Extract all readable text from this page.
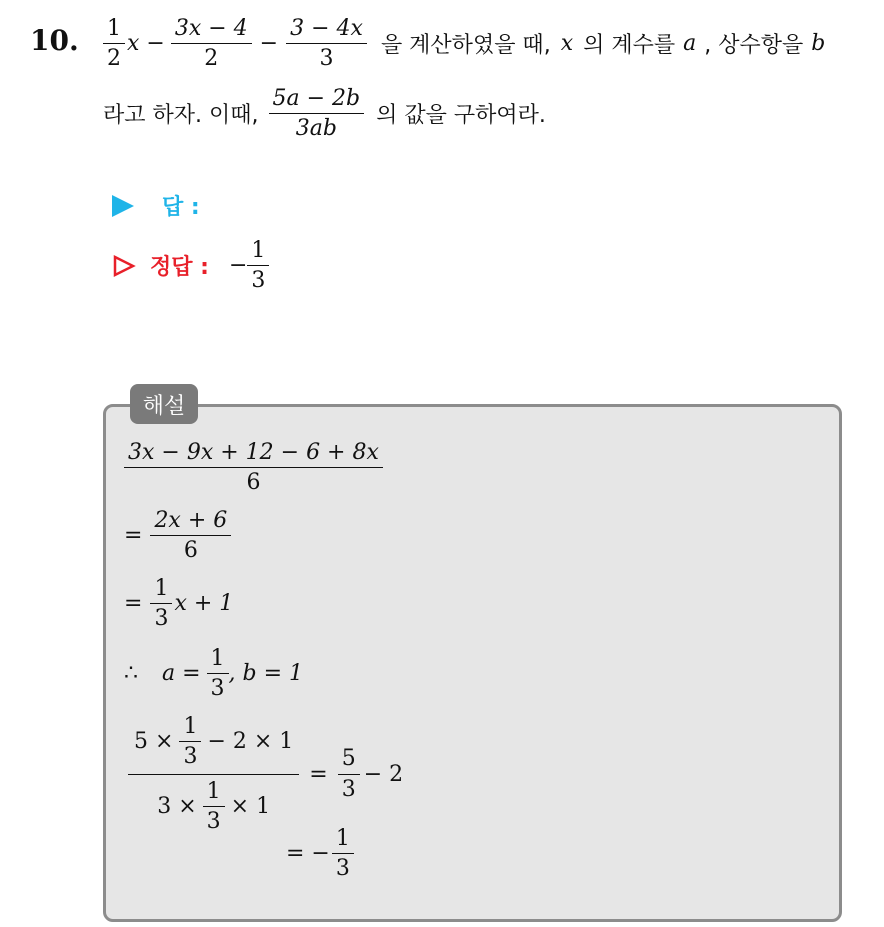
10. $\frac{1}{2}$ $x - \frac{3x - 4}{2} - \frac{3 - 4x}{3}$ 을 계산하였을 때, x 의 계수를 a , 상수항을 b
라고 하자. 이때, $\frac{5a - 2b}{3ab}$ 의 값을 구하여라.
답 :
정답 : − $\frac{1}{3}$
해설
$\frac{3x - 9x + 12 - 6 + 8x}{6}$
= $\frac{2x + 6}{6}$
= $\frac{1}{3}$ x + 1
∴ $a = \frac{1}{3}$ , b = 1
$\frac{5 \times \frac{1}{3} - 2 \times 1}{3 \times \frac{1}{3} \times 1} = \frac{5}{3} - 2$
= − $\frac{1}{3}$
